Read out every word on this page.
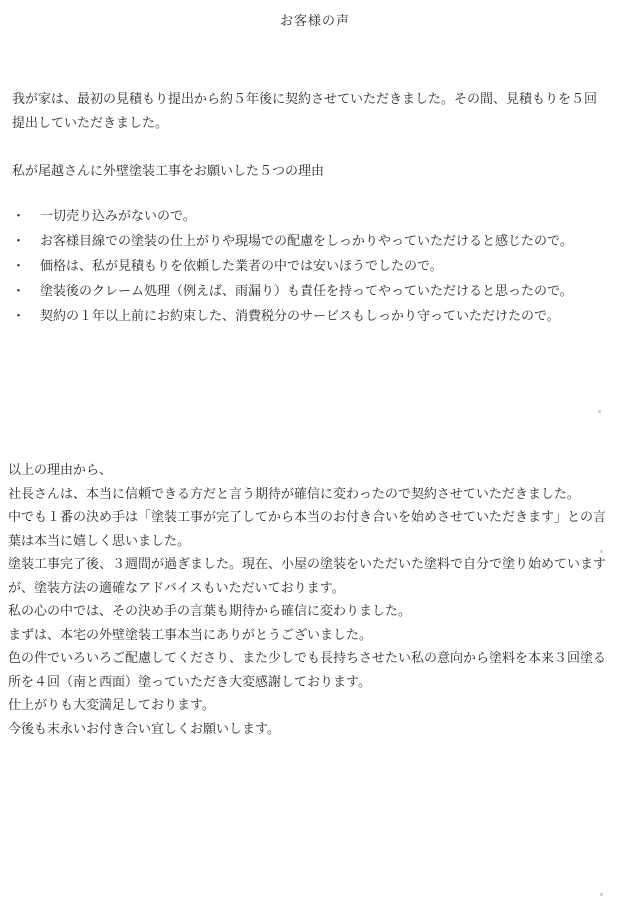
お客様の声
我が家は、最初の見積もり提出から約５年後に契約させていただきました。その間、見積もりを５回提出していただきました。
私が尾越さんに外壁塗装工事をお願いした５つの理由
・	一切売り込みがないので。
・	お客様目線での塗装の仕上がりや現場での配慮をしっかりやっていただけると感じたので。
・	価格は、私が見積もりを依頼した業者の中では安いほうでしたので。
・	塗装後のクレーム処理（例えば、雨漏り）も責任を持ってやっていただけると思ったので。
・	契約の１年以上前にお約束した、消費税分のサービスもしっかり守っていただけたので。

以上の理由から、

社長さんは、本当に信頼できる方だと言う期待が確信に変わったので契約させていただきました。

中でも１番の決め手は「塗装工事が完了してから本当のお付き合いを始めさせていただきます」との言葉は本当に嬉しく思いました。

塗装工事完了後、３週間が過ぎました。現在、小屋の塗装をいただいた塗料で自分で塗り始めていますが、塗装方法の適確なアドバイスもいただいております。

私の心の中では、その決め手の言葉も期待から確信に変わりました。

まずは、本宅の外壁塗装工事本当にありがとうございました。

色の件でいろいろご配慮してくださり、また少しでも長持ちさせたい私の意向から塗料を本来３回塗る所を４回（南と西面）塗っていただき大変感謝しております。

仕上がりも大変満足しております。

今後も末永いお付き合い宜しくお願いします。
